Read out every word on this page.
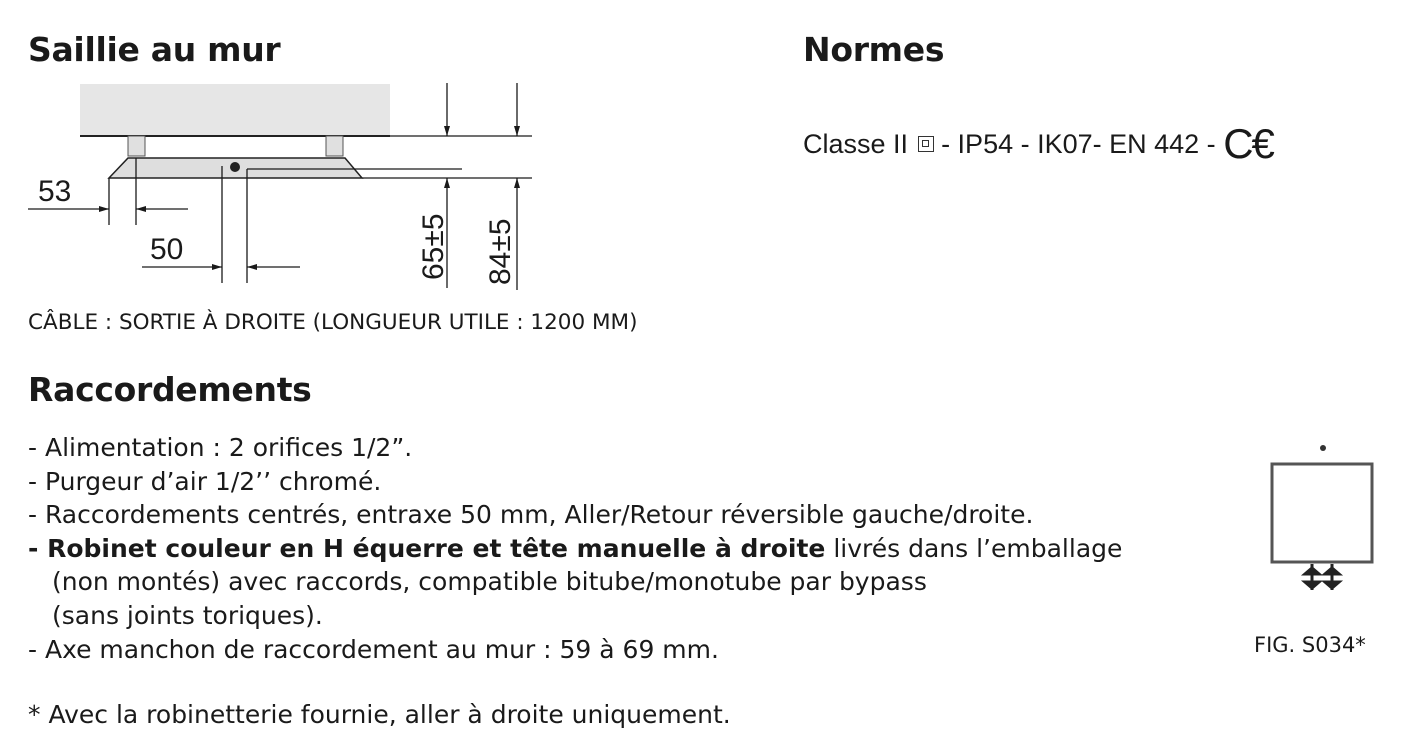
Saillie au mur
53
50	65±5 84±5
CÂBLE : SORTIE À DROITE (LONGUEUR UTILE : 1200 MM)
Normes
Classe II
- IP54 - IK07- EN 442 - C€
Raccordements
- Alimentation : 2 orifices 1/2”.
- Purgeur d’air 1/2’’ chromé.
- Raccordements centrés, entraxe 50 mm, Aller/Retour réversible gauche/droite.
- Robinet couleur en H équerre et tête manuelle à droite livrés dans l’emballage
(non montés) avec raccords, compatible bitube/monotube par bypass
(sans joints toriques).
- Axe manchon de raccordement au mur : 59 à 69 mm.
* Avec la robinetterie fournie, aller à droite uniquement.
FIG. S034*
